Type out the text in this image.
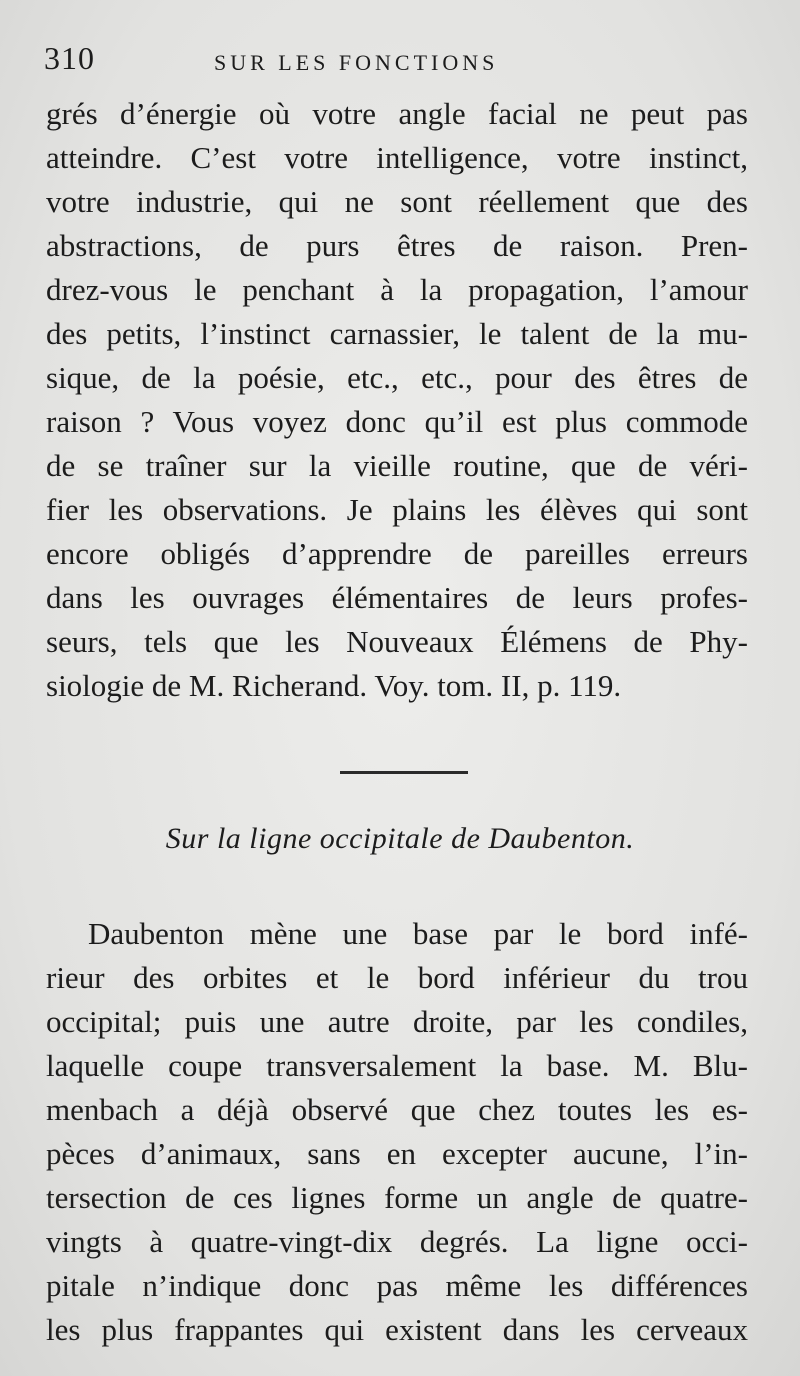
310	SUR LES FONCTIONS
grés d’énergie où votre angle facial ne peut pas
atteindre. C’est votre intelligence, votre instinct,
votre industrie, qui ne sont réellement que des
abstractions, de purs êtres de raison. Pren-
drez-vous le penchant à la propagation, l’amour
des petits, l’instinct carnassier, le talent de la mu-
sique, de la poésie, etc., etc., pour des êtres de
raison ? Vous voyez donc qu’il est plus commode
de se traîner sur la vieille routine, que de véri-
fier les observations. Je plains les élèves qui sont
encore obligés d’apprendre de pareilles erreurs
dans les ouvrages élémentaires de leurs profes-
seurs, tels que les Nouveaux Élémens de Phy-
siologie de M. Richerand. Voy. tom. II, p. 119.
Sur la ligne occipitale de Daubenton.
Daubenton mène une base par le bord infé-
rieur des orbites et le bord inférieur du trou
occipital; puis une autre droite, par les condiles,
laquelle coupe transversalement la base. M. Blu-
menbach a déjà observé que chez toutes les es-
pèces d’animaux, sans en excepter aucune, l’in-
tersection de ces lignes forme un angle de quatre-
vingts à quatre-vingt-dix degrés. La ligne occi-
pitale n’indique donc pas même les différences
les plus frappantes qui existent dans les cerveaux
